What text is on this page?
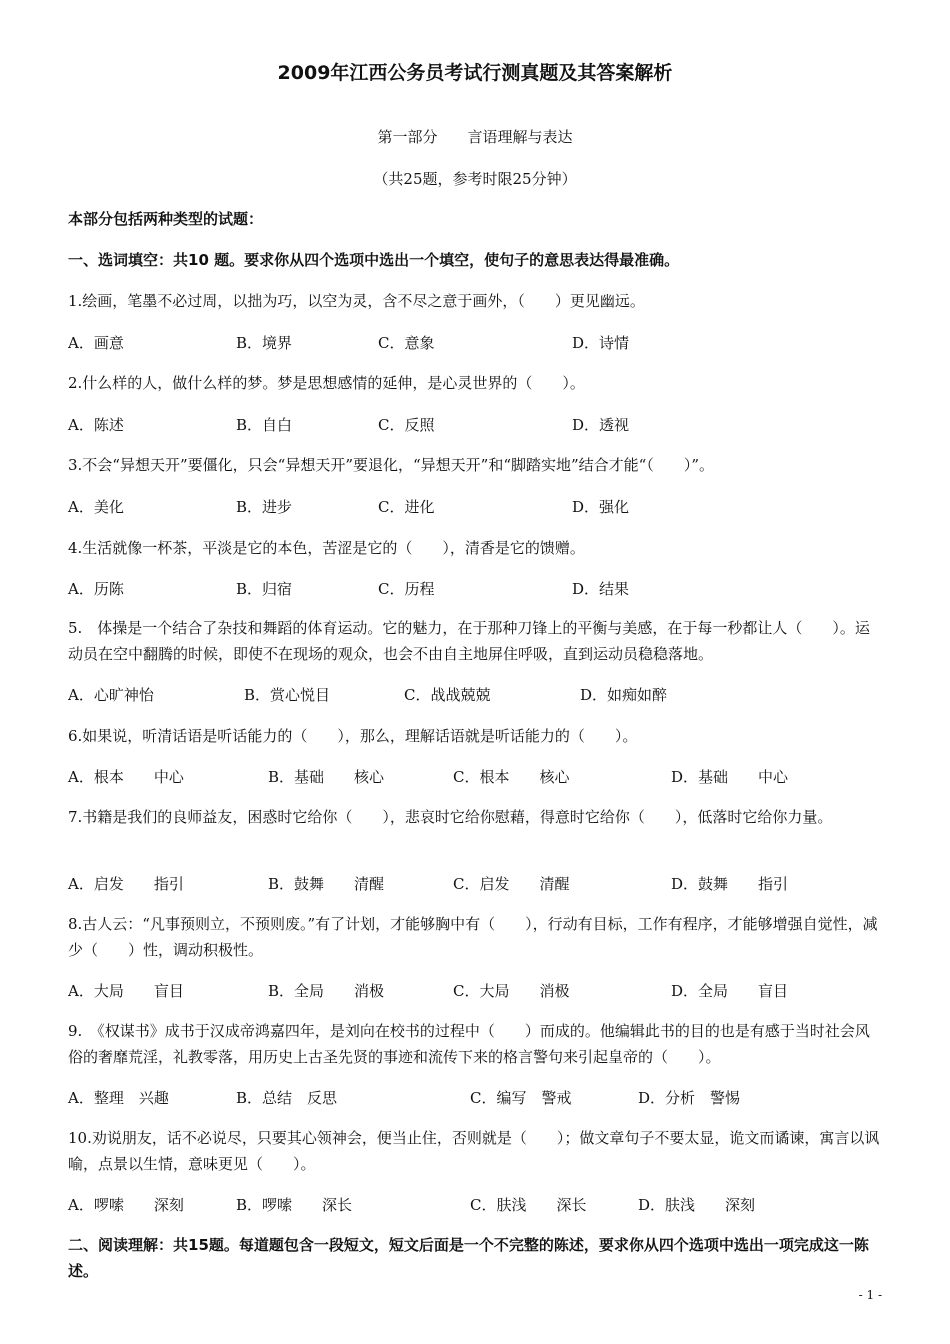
2009年江西公务员考试行测真题及其答案解析
第一部分　　言语理解与表达
（共25题，参考时限25分钟）
本部分包括两种类型的试题：
一、选词填空：共10 题。要求你从四个选项中选出一个填空，使句子的意思表达得最准确。
1.绘画，笔墨不必过周，以拙为巧，以空为灵，含不尽之意于画外，（　　）更见幽远。
A．画意	B．境界	C．意象	D．诗情
2.什么样的人，做什么样的梦。梦是思想感情的延伸，是心灵世界的（　　）。
A．陈述	B．自白	C．反照	D．透视
3.不会“异想天开”要僵化，只会“异想天开”要退化，“异想天开”和“脚踏实地”结合才能“（　　）”。
A．美化	B．进步	C．进化	D．强化
4.生活就像一杯茶，平淡是它的本色，苦涩是它的（　　），清香是它的馈赠。
A．历陈	B．归宿	C．历程	D．结果
5.　体操是一个结合了杂技和舞蹈的体育运动。它的魅力，在于那种刀锋上的平衡与美感，在于每一秒都让人（　　）。运动员在空中翻腾的时候，即使不在现场的观众，也会不由自主地屏住呼吸，直到运动员稳稳落地。
A．心旷神怡	B．赏心悦目	C．战战兢兢	D．如痴如醉
6.如果说，听清话语是听话能力的（　　），那么，理解话语就是听话能力的（　　）。
A．根本　　中心	B．基础　　核心	C．根本　　核心	D．基础　　中心
7.书籍是我们的良师益友，困惑时它给你（　　），悲哀时它给你慰藉，得意时它给你（　　），低落时它给你力量。
A．启发　　指引	B．鼓舞　　清醒	C．启发　　清醒	D．鼓舞　　指引
8.古人云：“凡事预则立，不预则废。”有了计划，才能够胸中有（　　），行动有目标，工作有程序，才能够增强自觉性，减少（　　）性，调动积极性。
A．大局　　盲目	B．全局　　消极	C．大局　　消极	D．全局　　盲目
9.　《权谋书》成书于汉成帝鸿嘉四年，是刘向在校书的过程中（　　）而成的。他编辑此书的目的也是有感于当时社会风俗的奢靡荒淫，礼教零落，用历史上古圣先贤的事迹和流传下来的格言警句来引起皇帝的（　　）。
A．整理　兴趣	B．总结　反思	C．编写　警戒	D．分析　警惕
10.劝说朋友，话不必说尽，只要其心领神会，便当止住，否则就是（　　）；做文章句子不要太显，诡文而谲谏，寓言以讽喻，点景以生情，意味更见（　　）。
A．啰嗦　　深刻	B．啰嗦　　深长	C．肤浅　　深长	D．肤浅　　深刻
二、阅读理解：共15题。每道题包含一段短文，短文后面是一个不完整的陈述，要求你从四个选项中选出一项完成这一陈述。
- 1 -
